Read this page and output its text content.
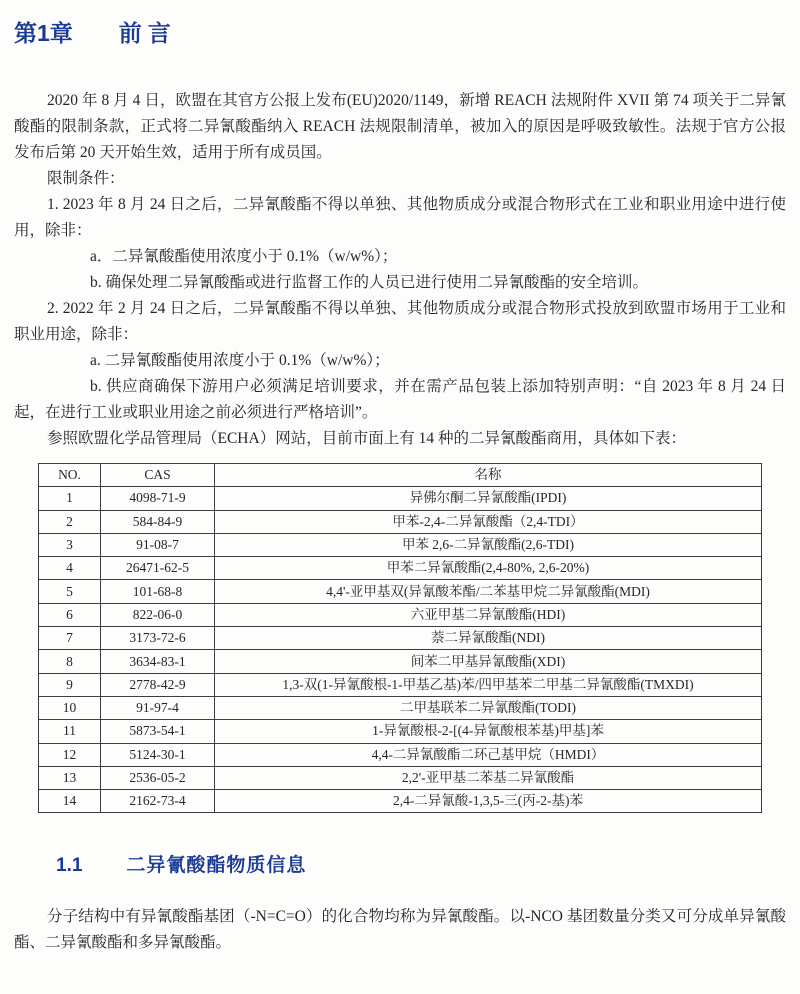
第1章 前言

2020 年 8 月 4 日，欧盟在其官方公报上发布(EU)2020/1149，新增 REACH 法规附件 XVII 第 74 项关于二异氰酸酯的限制条款，正式将二异氰酸酯纳入 REACH 法规限制清单，被加入的原因是呼吸致敏性。法规于官方公报发布后第 20 天开始生效，适用于所有成员国。

限制条件：

1. 2023 年 8 月 24 日之后，二异氰酸酯不得以单独、其他物质成分或混合物形式在工业和职业用途中进行使用，除非：

a．二异氰酸酯使用浓度小于 0.1%（w/w%）；

b. 确保处理二异氰酸酯或进行监督工作的人员已进行使用二异氰酸酯的安全培训。

2. 2022 年 2 月 24 日之后，二异氰酸酯不得以单独、其他物质成分或混合物形式投放到欧盟市场用于工业和职业用途，除非：

a. 二异氰酸酯使用浓度小于 0.1%（w/w%）；

b. 供应商确保下游用户必须满足培训要求，并在需产品包装上添加特别声明：“自 2023 年 8 月 24 日起，在进行工业或职业用途之前必须进行严格培训”。

参照欧盟化学品管理局（ECHA）网站，目前市面上有 14 种的二异氰酸酯商用，具体如下表：

NO.	CAS	名称
1	4098-71-9	异佛尔酮二异氰酸酯(IPDI)
2	584-84-9	甲苯-2,4-二异氰酸酯（2,4-TDI）
3	91-08-7	甲苯 2,6-二异氰酸酯(2,6-TDI)
4	26471-62-5	甲苯二异氰酸酯(2,4-80%, 2,6-20%)
5	101-68-8	4,4'-亚甲基双(异氰酸苯酯/二苯基甲烷二异氰酸酯(MDI)
6	822-06-0	六亚甲基二异氰酸酯(HDI)
7	3173-72-6	萘二异氰酸酯(NDI)
8	3634-83-1	间苯二甲基异氰酸酯(XDI)
9	2778-42-9	1,3-双(1-异氰酸根-1-甲基乙基)苯/四甲基苯二甲基二异氰酸酯(TMXDI)
10	91-97-4	二甲基联苯二异氰酸酯(TODI)
11	5873-54-1	1-异氰酸根-2-[(4-异氰酸根苯基)甲基]苯
12	5124-30-1	4,4-二异氰酸酯二环己基甲烷（HMDI）
13	2536-05-2	2,2'-亚甲基二苯基二异氰酸酯
14	2162-73-4	2,4-二异氰酸-1,3,5-三(丙-2-基)苯
1.1 二异氰酸酯物质信息

分子结构中有异氰酸酯基团（-N=C=O）的化合物均称为异氰酸酯。以-NCO 基团数量分类又可分成单异氰酸酯、二异氰酸酯和多异氰酸酯。
